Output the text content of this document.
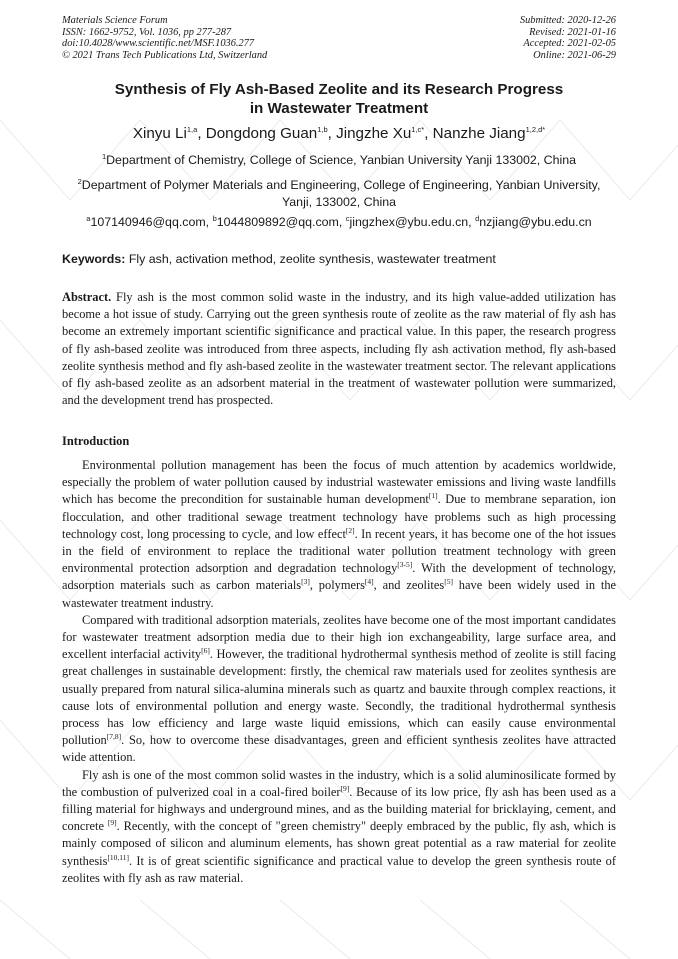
Materials Science Forum
ISSN: 1662-9752, Vol. 1036, pp 277-287
doi:10.4028/www.scientific.net/MSF.1036.277
© 2021 Trans Tech Publications Ltd, Switzerland
Submitted: 2020-12-26
Revised: 2021-01-16
Accepted: 2021-02-05
Online: 2021-06-29
Synthesis of Fly Ash-Based Zeolite and its Research Progress
in Wastewater Treatment
Xinyu Li$^{1,a}$, Dongdong Guan$^{1,b}$, Jingzhe $Xu^{1,c*}$, Nanzhe Jiang$^{1,2,d*}$
$^1$Department of Chemistry, College of Science, Yanbian University Yanji 133002, China
$^2$Department of Polymer Materials and Engineering, College of Engineering, Yanbian University,
Yanji, 133002, China
$^a$107140946@qq.com, $^b$1044809892@qq.com, $^c$jingzhex@ybu.edu.cn, $^d$nzjiang@ybu.edu.cn
Keywords: Fly ash, activation method, zeolite synthesis, wastewater treatment

Abstract. Fly ash is the most common solid waste in the industry, and its high value-added utilization has become a hot issue of study. Carrying out the green synthesis route of zeolite as the raw material of fly ash has become an extremely important scientific significance and practical value. In this paper, the research progress of fly ash-based zeolite was introduced from three aspects, including fly ash activation method, fly ash-based zeolite synthesis method and fly ash-based zeolite in the wastewater treatment sector. The relevant applications of fly ash-based zeolite as an adsorbent material in the treatment of wastewater pollution were summarized, and the development trend has prospected.

Introduction

Environmental pollution management has been the focus of much attention by academics worldwide, especially the problem of water pollution caused by industrial wastewater emissions and living waste landfills which has become the precondition for sustainable human development[1]. Due to membrane separation, ion flocculation, and other traditional sewage treatment technology have problems such as high processing technology cost, long processing to cycle, and low effect[2]. In recent years, it has become one of the hot issues in the field of environment to replace the traditional water pollution treatment technology with green environmental protection adsorption and degradation technology[3-5]. With the development of technology, adsorption materials such as carbon materials[3], polymers[4], and zeolites[5] have been widely used in the wastewater treatment industry.

Compared with traditional adsorption materials, zeolites have become one of the most important candidates for wastewater treatment adsorption media due to their high ion exchangeability, large surface area, and excellent interfacial activity[6]. However, the traditional hydrothermal synthesis method of zeolite is still facing great challenges in sustainable development: firstly, the chemical raw materials used for zeolites synthesis are usually prepared from natural silica-alumina minerals such as quartz and bauxite through complex reactions, it cause lots of environmental pollution and energy waste. Secondly, the traditional hydrothermal synthesis process has low efficiency and large waste liquid emissions, which can easily cause environmental pollution[7,8]. So, how to overcome these disadvantages, green and efficient synthesis zeolites have attracted wide attention.

Fly ash is one of the most common solid wastes in the industry, which is a solid aluminosilicate formed by the combustion of pulverized coal in a coal-fired boiler[9]. Because of its low price, fly ash has been used as a filling material for highways and underground mines, and as the building material for bricklaying, cement, and concrete [9]. Recently, with the concept of "green chemistry" deeply embraced by the public, fly ash, which is mainly composed of silicon and aluminum elements, has shown great potential as a raw material for zeolite synthesis[10,11]. It is of great scientific significance and practical value to develop the green synthesis route of zeolites with fly ash as raw material.
